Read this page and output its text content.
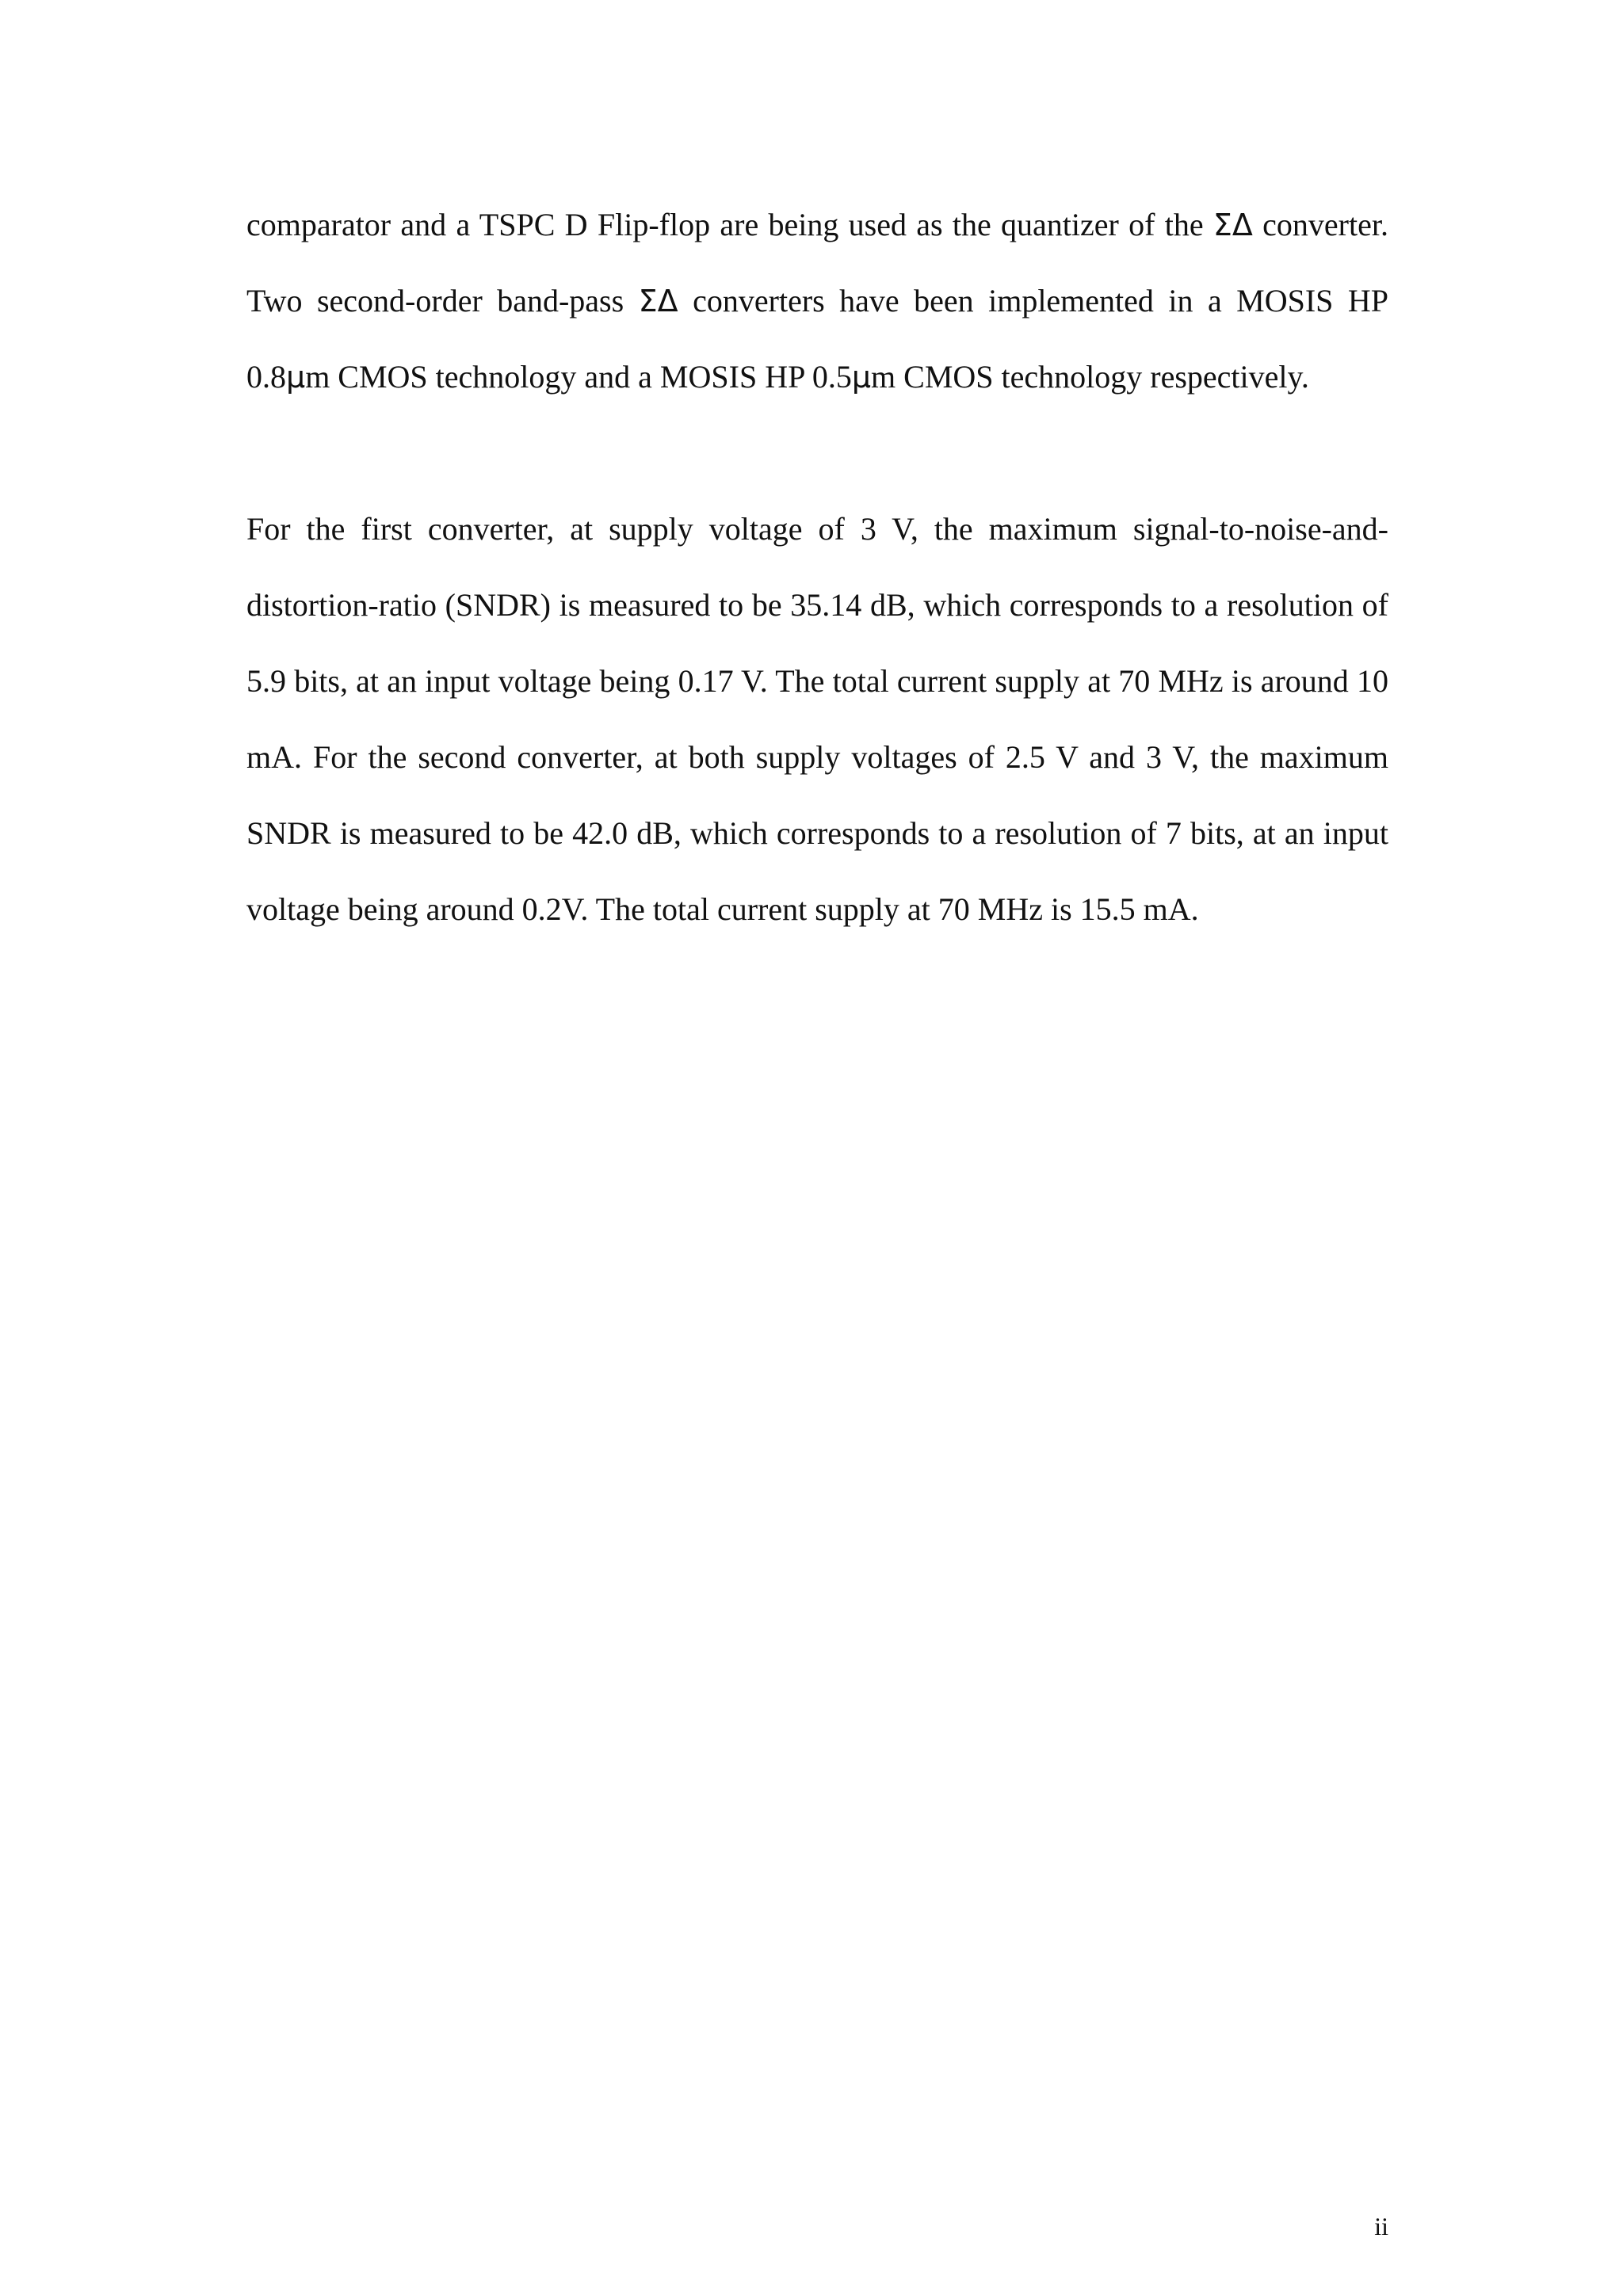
comparator and a TSPC D Flip-flop are being used as the quantizer of the ΣΔ converter. Two second-order band-pass ΣΔ converters have been implemented in a MOSIS HP 0.8μm CMOS technology and a MOSIS HP 0.5μm CMOS technology respectively.

For the first converter, at supply voltage of 3 V, the maximum signal-to-noise-and-distortion-ratio (SNDR) is measured to be 35.14 dB, which corresponds to a resolution of 5.9 bits, at an input voltage being 0.17 V. The total current supply at 70 MHz is around 10 mA. For the second converter, at both supply voltages of 2.5 V and 3 V, the maximum SNDR is measured to be 42.0 dB, which corresponds to a resolution of 7 bits, at an input voltage being around 0.2V. The total current supply at 70 MHz is 15.5 mA.

ii
